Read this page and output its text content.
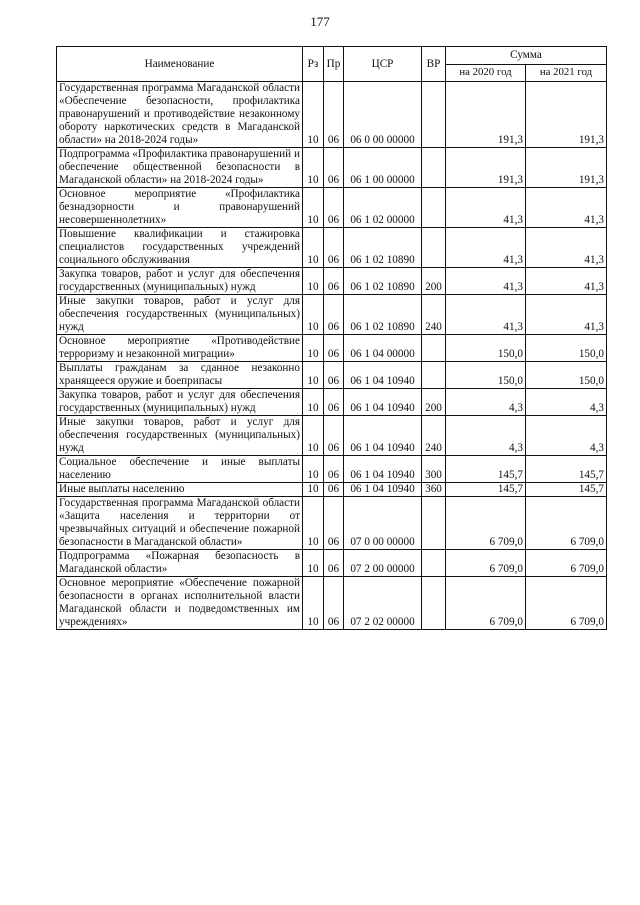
177
Наименование	Рз	Пр	ЦСР	ВР	Сумма	
					на 2020 год	на 2021 год
Государственная программа Магаданской области «Обеспечение безопасности, профилактика правонарушений и противодействие незаконному обороту наркотических средств в Магаданской области» на 2018-2024 годы»	10	06	06 0 00 00000		191,3	191,3
Подпрограмма «Профилактика правонарушений и обеспечение общественной безопасности в Магаданской области» на 2018-2024 годы»	10	06	06 1 00 00000		191,3	191,3
Основное мероприятие «Профилактика безнадзорности и правонарушений несовершеннолетних»	10	06	06 1 02 00000		41,3	41,3
Повышение квалификации и стажировка специалистов государственных учреждений социального обслуживания	10	06	06 1 02 10890		41,3	41,3
Закупка товаров, работ и услуг для обеспечения государственных (муниципальных) нужд	10	06	06 1 02 10890	200	41,3	41,3
Иные закупки товаров, работ и услуг для обеспечения государственных (муниципальных) нужд	10	06	06 1 02 10890	240	41,3	41,3
Основное мероприятие «Противодействие терроризму и незаконной миграции»	10	06	06 1 04 00000		150,0	150,0
Выплаты гражданам за сданное незаконно хранящееся оружие и боеприпасы	10	06	06 1 04 10940		150,0	150,0
Закупка товаров, работ и услуг для обеспечения государственных (муниципальных) нужд	10	06	06 1 04 10940	200	4,3	4,3
Иные закупки товаров, работ и услуг для обеспечения государственных (муниципальных) нужд	10	06	06 1 04 10940	240	4,3	4,3
Социальное обеспечение и иные выплаты населению	10	06	06 1 04 10940	300	145,7	145,7
Иные выплаты населению	10	06	06 1 04 10940	360	145,7	145,7
Государственная программа Магаданской области «Защита населения и территории от чрезвычайных ситуаций и обеспечение пожарной безопасности в Магаданской области»	10	06	07 0 00 00000		6 709,0	6 709,0
Подпрограмма «Пожарная безопасность в Магаданской области»	10	06	07 2 00 00000		6 709,0	6 709,0
Основное мероприятие «Обеспечение пожарной безопасности в органах исполнительной власти Магаданской области и подведомственных им учреждениях»	10	06	07 2 02 00000		6 709,0	6 709,0
